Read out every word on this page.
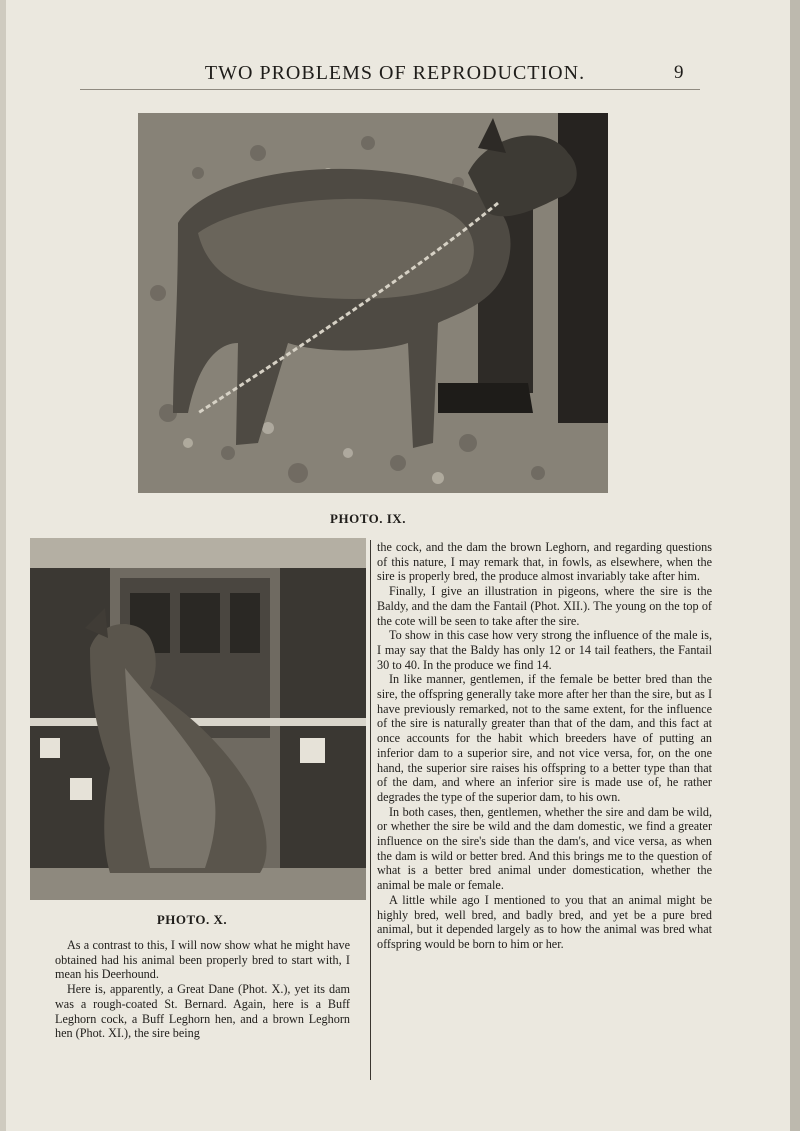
TWO PROBLEMS OF REPRODUCTION.	9
PHOTO. IX.
PHOTO. X.

the cock, and the dam the brown Leghorn, and regarding questions of this nature, I may remark that, in fowls, as elsewhere, when the sire is properly bred, the produce almost invariably take after him.

Finally, I give an illustration in pigeons, where the sire is the Baldy, and the dam the Fantail (Phot. XII.). The young on the top of the cote will be seen to take after the sire.

To show in this case how very strong the influence of the male is, I may say that the Baldy has only 12 or 14 tail feathers, the Fantail 30 to 40. In the produce we find 14.

In like manner, gentlemen, if the female be better bred than the sire, the offspring generally take more after her than the sire, but as I have previously remarked, not to the same extent, for the influence of the sire is naturally greater than that of the dam, and this fact at once accounts for the habit which breeders have of putting an inferior dam to a superior sire, and not vice versa, for, on the one hand, the superior sire raises his offspring to a better type than that of the dam, and where an inferior sire is made use of, he rather degrades the type of the superior dam, to his own.

In both cases, then, gentlemen, whether the sire and dam be wild, or whether the sire be wild and the dam domestic, we find a greater influence on the sire's side than the dam's, and vice versa, as when the dam is wild or better bred. And this brings me to the question of what is a better bred animal under domestication, whether the animal be male or female.

A little while ago I mentioned to you that an animal might be highly bred, well bred, and badly bred, and yet be a pure bred animal, but it depended largely as to how the animal was bred what offspring would be born to him or her.

As a contrast to this, I will now show what he might have obtained had his animal been properly bred to start with, I mean his Deerhound.

Here is, apparently, a Great Dane (Phot. X.), yet its dam was a rough-coated St. Bernard. Again, here is a Buff Leghorn cock, a Buff Leghorn hen, and a brown Leghorn hen (Phot. XI.), the sire being
